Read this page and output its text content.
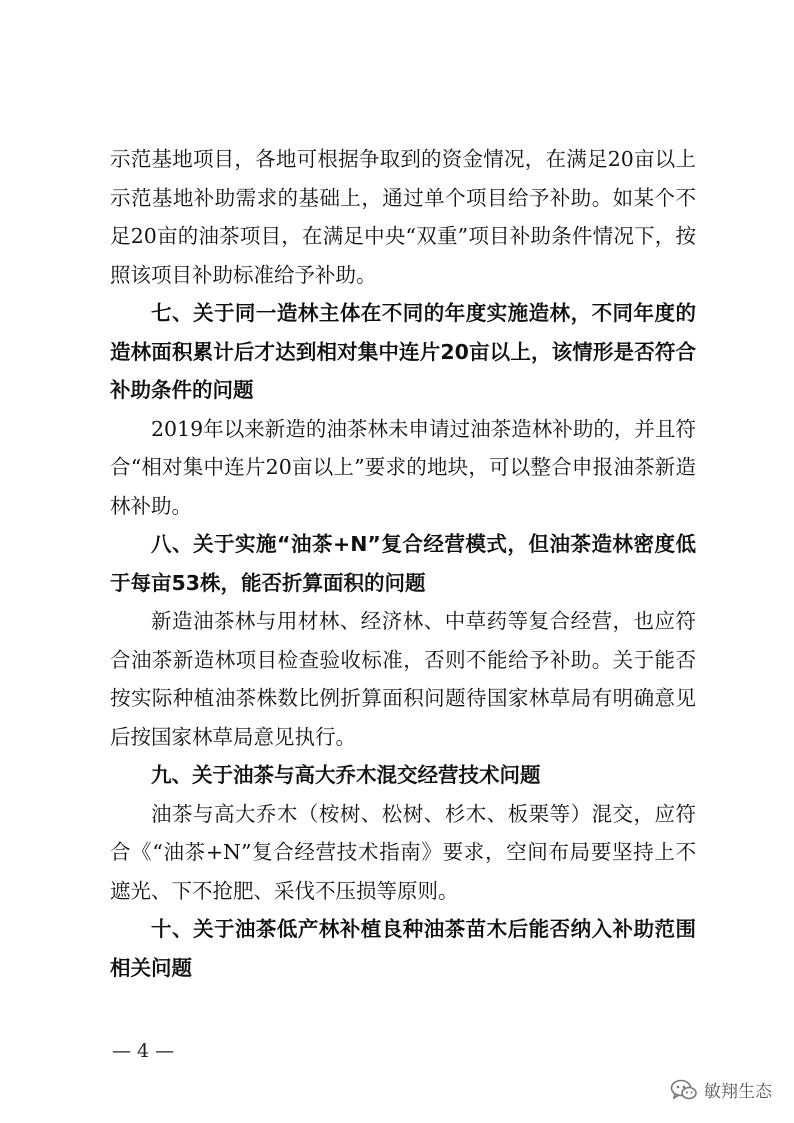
示范基地项目，各地可根据争取到的资金情况，在满足20亩以上示范基地补助需求的基础上，通过单个项目给予补助。如某个不足20亩的油茶项目，在满足中央“双重”项目补助条件情况下，按照该项目补助标准给予补助。

七、关于同一造林主体在不同的年度实施造林，不同年度的造林面积累计后才达到相对集中连片20亩以上，该情形是否符合补助条件的问题

2019年以来新造的油茶林未申请过油茶造林补助的，并且符合“相对集中连片20亩以上”要求的地块，可以整合申报油茶新造林补助。

八、关于实施“油茶+N”复合经营模式，但油茶造林密度低于每亩53株，能否折算面积的问题

新造油茶林与用材林、经济林、中草药等复合经营，也应符合油茶新造林项目检查验收标准，否则不能给予补助。关于能否按实际种植油茶株数比例折算面积问题待国家林草局有明确意见后按国家林草局意见执行。

九、关于油茶与高大乔木混交经营技术问题

油茶与高大乔木（桉树、松树、杉木、板栗等）混交，应符合《“油茶+N”复合经营技术指南》要求，空间布局要坚持上不遮光、下不抢肥、采伐不压损等原则。

十、关于油茶低产林补植良种油茶苗木后能否纳入补助范围相关问题

— 4 —
敏翔生态
